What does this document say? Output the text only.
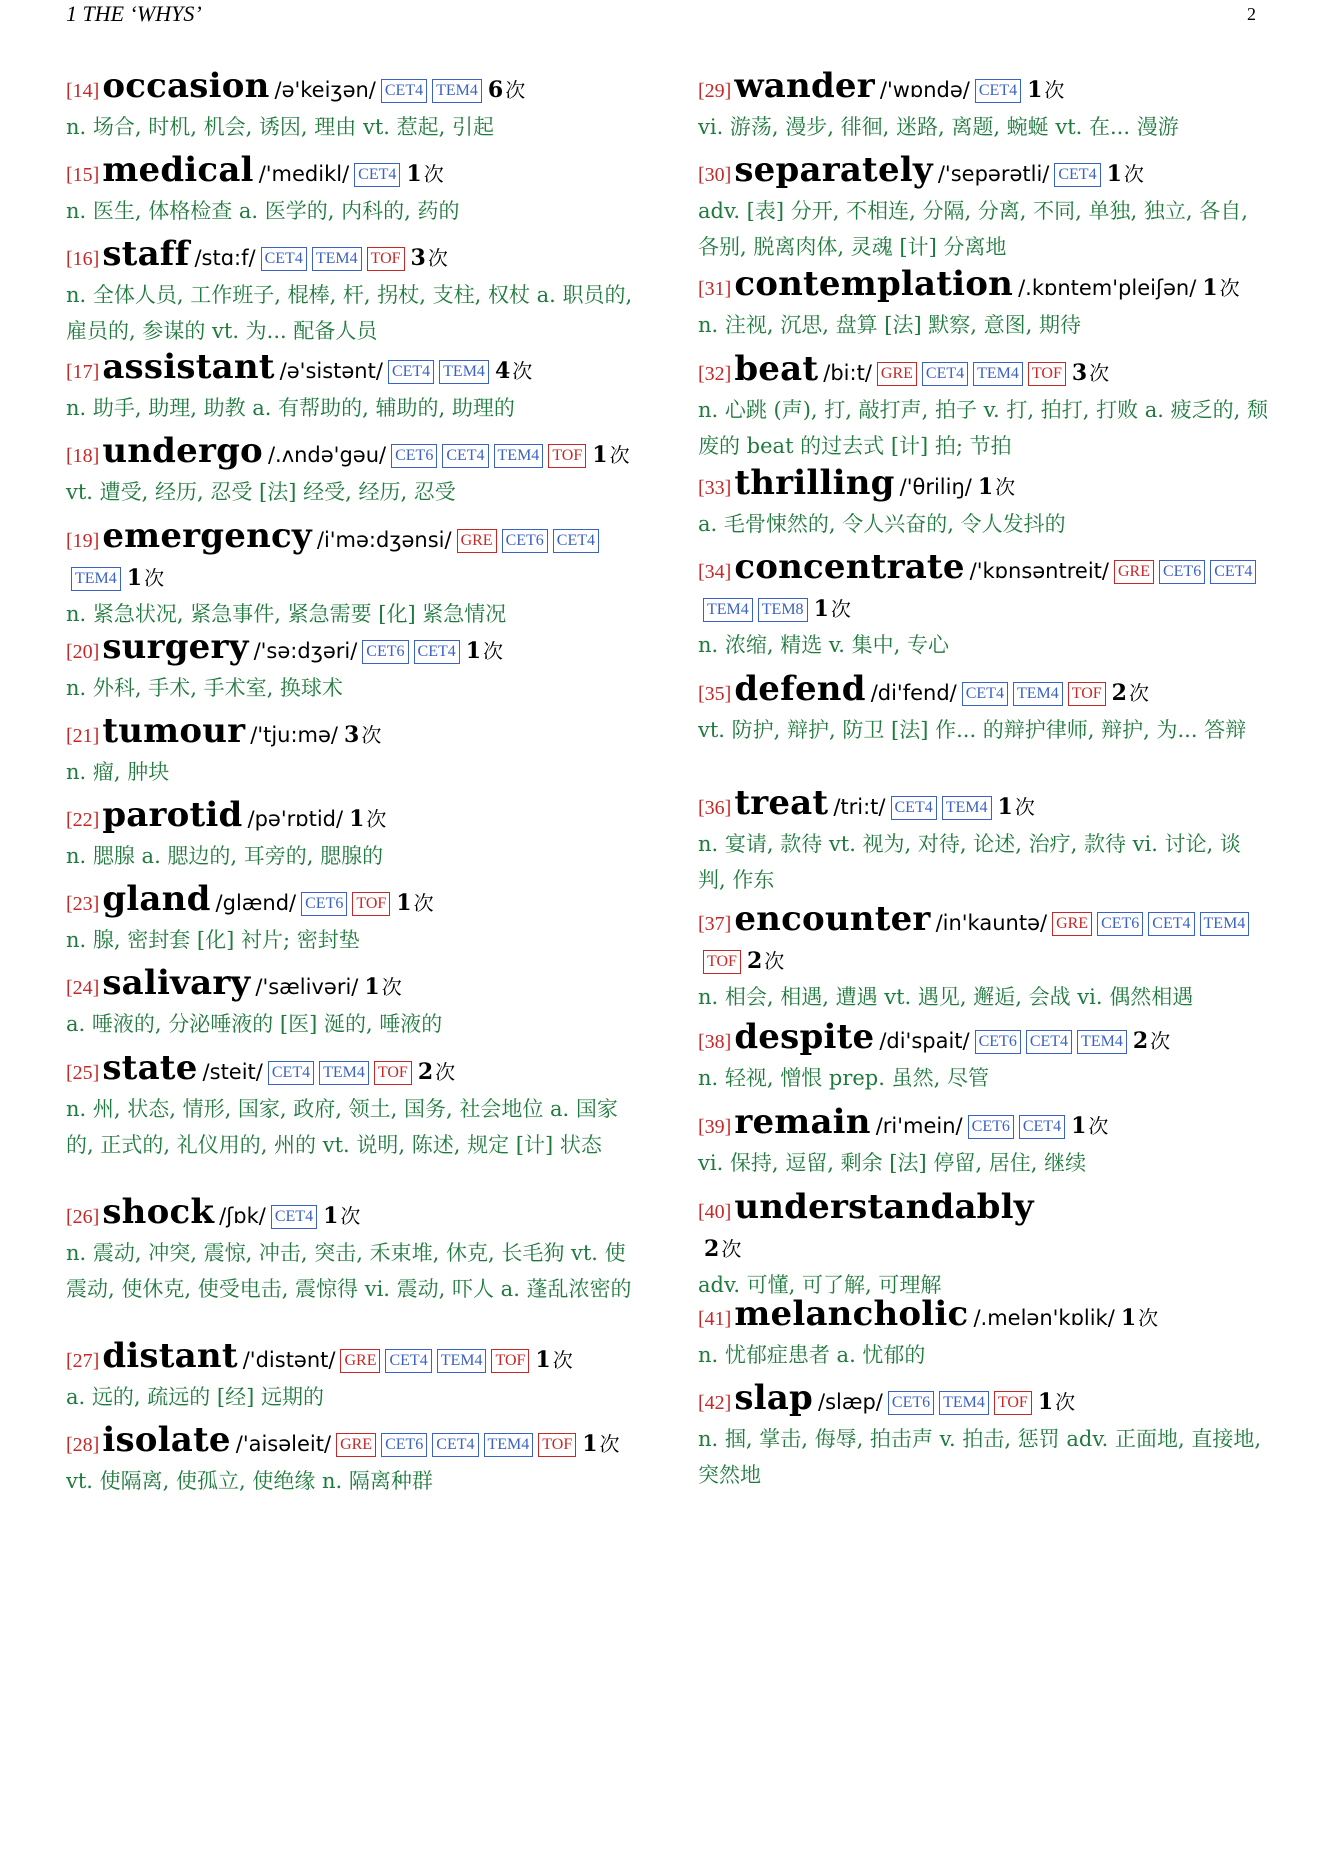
1 THE ‘WHYS’	2
[14]occasion /ə'keiʒən/ CET4 TEM4 6 次
n. 场合, 时机, 机会, 诱因, 理由 vt. 惹起, 引起
[15]medical /'medikl/ CET4 1 次
n. 医生, 体格检查 a. 医学的, 内科的, 药的
[16]staff /stɑ:f/ CET4 TEM4 TOF 3 次
n. 全体人员, 工作班子, 棍棒, 杆, 拐杖, 支柱, 权杖 a. 职员的, 雇员的, 参谋的 vt. 为... 配备人员
[17]assistant /ə'sistənt/ CET4 TEM4 4 次
n. 助手, 助理, 助教 a. 有帮助的, 辅助的, 助理的
[18]undergo /.ʌndə'gəu/ CET6 CET4 TEM4 TOF 1 次
vt. 遭受, 经历, 忍受 [法] 经受, 经历, 忍受
[19]emergency /i'mə:dʒənsi/ GRE CET6 CET4TEM4 1 次
n. 紧急状况, 紧急事件, 紧急需要 [化] 紧急情况
[20]surgery /'sə:dʒəri/ CET6 CET4 1 次
n. 外科, 手术, 手术室, 换球术
[21]tumour /'tju:mə/ 3 次
n. 瘤, 肿块
[22]parotid /pə'rɒtid/ 1 次
n. 腮腺 a. 腮边的, 耳旁的, 腮腺的
[23]gland /glænd/ CET6 TOF 1 次
n. 腺, 密封套 [化] 衬片; 密封垫
[24]salivary /'sælivəri/ 1 次
a. 唾液的, 分泌唾液的 [医] 涎的, 唾液的
[25]state /steit/ CET4 TEM4 TOF 2 次
n. 州, 状态, 情形, 国家, 政府, 领土, 国务, 社会地位 a. 国家的, 正式的, 礼仪用的, 州的 vt. 说明, 陈述, 规定 [计] 状态
[26]shock /ʃɒk/ CET4 1 次
n. 震动, 冲突, 震惊, 冲击, 突击, 禾束堆, 休克, 长毛狗 vt. 使震动, 使休克, 使受电击, 震惊得 vi. 震动, 吓人 a. 蓬乱浓密的
[27]distant /'distənt/ GRE CET4 TEM4 TOF 1 次
a. 远的, 疏远的 [经] 远期的
[28]isolate /'aisəleit/ GRE CET6 CET4 TEM4 TOF 1 次
vt. 使隔离, 使孤立, 使绝缘 n. 隔离种群
[29]wander /'wɒndə/ CET4 1 次
vi. 游荡, 漫步, 徘徊, 迷路, 离题, 蜿蜒 vt. 在... 漫游
[30]separately /'sepərətli/ CET4 1 次
adv. [表] 分开, 不相连, 分隔, 分离, 不同, 单独, 独立, 各自, 各别, 脱离肉体, 灵魂 [计] 分离地
[31]contemplation /.kɒntem'pleiʃən/ 1 次
n. 注视, 沉思, 盘算 [法] 默察, 意图, 期待
[32]beat /bi:t/ GRE CET4 TEM4 TOF 3 次
n. 心跳 (声), 打, 敲打声, 拍子 v. 打, 拍打, 打败 a. 疲乏的, 颓废的 beat 的过去式 [计] 拍; 节拍
[33]thrilling /'θriliŋ/ 1 次
a. 毛骨悚然的, 令人兴奋的, 令人发抖的
[34]concentrate /'kɒnsəntreit/ GRE CET6 CET4TEM4 TEM8 1 次
n. 浓缩, 精选 v. 集中, 专心
[35]defend /di'fend/ CET4 TEM4 TOF 2 次
vt. 防护, 辩护, 防卫 [法] 作... 的辩护律师, 辩护, 为... 答辩
[36]treat /tri:t/ CET4 TEM4 1 次
n. 宴请, 款待 vt. 视为, 对待, 论述, 治疗, 款待 vi. 讨论, 谈判, 作东
[37]encounter /in'kauntə/ GRE CET6 CET4 TEM4TOF 2 次
n. 相会, 相遇, 遭遇 vt. 遇见, 邂逅, 会战 vi. 偶然相遇
[38]despite /di'spait/ CET6 CET4 TEM4 2 次
n. 轻视, 憎恨 prep. 虽然, 尽管
[39]remain /ri'mein/ CET6 CET4 1 次
vi. 保持, 逗留, 剩余 [法] 停留, 居住, 继续
[40]understandably
2 次
adv. 可懂, 可了解, 可理解
[41]melancholic /.melən'kɒlik/ 1 次
n. 忧郁症患者 a. 忧郁的
[42]slap /slæp/ CET6 TEM4 TOF 1 次
n. 掴, 掌击, 侮辱, 拍击声 v. 拍击, 惩罚 adv. 正面地, 直接地, 突然地
